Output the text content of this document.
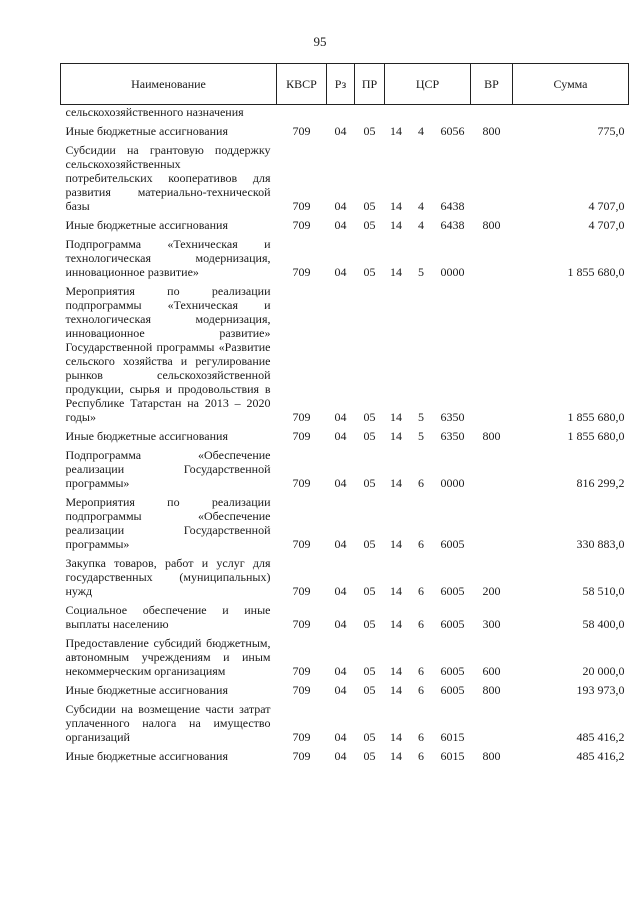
95
Наименование	КВСР	Рз	ПР	ЦСР			ВР	Сумма
сельскохозяйственного назначения								
Иные бюджетные ассигнования	709	04	05	14	4	6056	800	775,0
Субсидии на грантовую поддержку сельскохозяйственных потребительских кооперативов для развития материально-технической базы	709	04	05	14	4	6438		4 707,0
Иные бюджетные ассигнования	709	04	05	14	4	6438	800	4 707,0
Подпрограмма «Техническая и технологическая модернизация, инновационное развитие»	709	04	05	14	5	0000		1 855 680,0
Мероприятия по реализации подпрограммы «Техническая и технологическая модернизация, инновационное развитие» Государственной программы «Развитие сельского хозяйства и регулирование рынков сельскохозяйственной продукции, сырья и продовольствия в Республике Татарстан на 2013 – 2020 годы»	709	04	05	14	5	6350		1 855 680,0
Иные бюджетные ассигнования	709	04	05	14	5	6350	800	1 855 680,0
Подпрограмма «Обеспечение реализации Государственной программы»	709	04	05	14	6	0000		816 299,2
Мероприятия по реализации подпрограммы «Обеспечение реализации Государственной программы»	709	04	05	14	6	6005		330 883,0
Закупка товаров, работ и услуг для государственных (муниципальных) нужд	709	04	05	14	6	6005	200	58 510,0
Социальное обеспечение и иные выплаты населению	709	04	05	14	6	6005	300	58 400,0
Предоставление субсидий бюджетным, автономным учреждениям и иным некоммерческим организациям	709	04	05	14	6	6005	600	20 000,0
Иные бюджетные ассигнования	709	04	05	14	6	6005	800	193 973,0
Субсидии на возмещение части затрат уплаченного налога на имущество организаций	709	04	05	14	6	6015		485 416,2
Иные бюджетные ассигнования	709	04	05	14	6	6015	800	485 416,2
